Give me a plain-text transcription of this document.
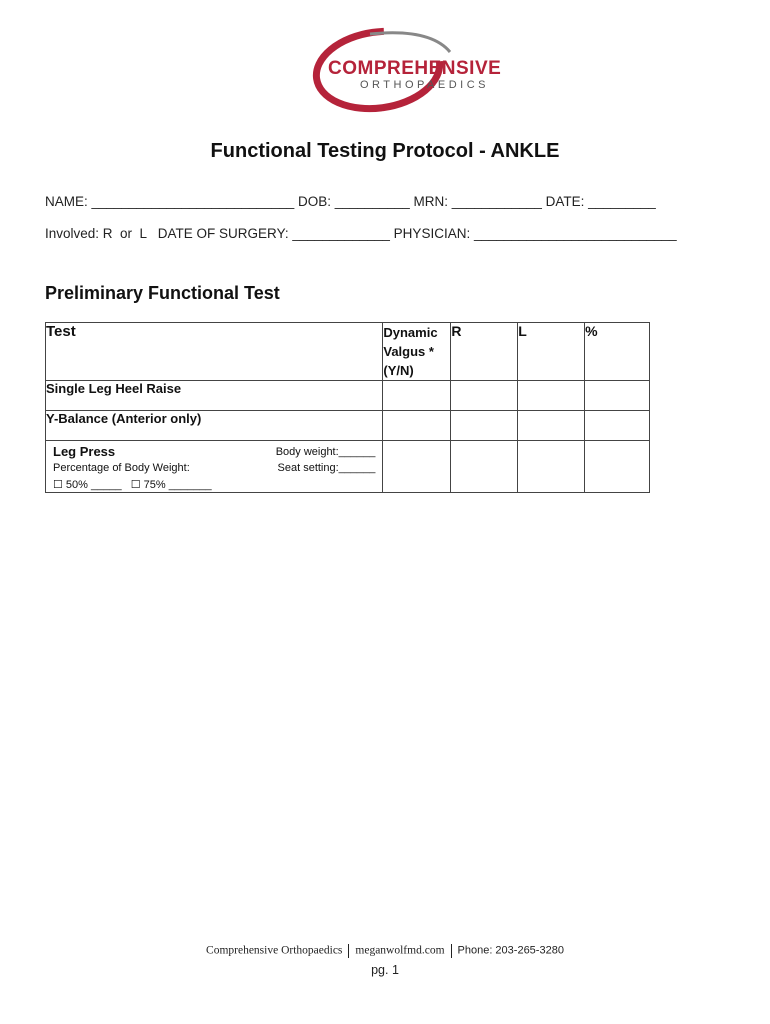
COMPREHENSIVE
ORTHOPAEDICS
Functional Testing Protocol - ANKLE
NAME: ___________________________ DOB: __________ MRN: ____________ DATE: _________
Involved: R  or  L   DATE OF SURGERY: _____________ PHYSICIAN: ___________________________
Preliminary Functional Test
Test	Dynamic
Valgus *
(Y/N)	R	L	%
Single Leg Heel Raise				
Y-Balance (Anterior only)				

Leg Press
Percentage of Body Weight:
☐ 50% _____   ☐ 75% _______
Body weight:______
Seat setting:______				

Comprehensive Orthopaedics meganwolfmd.com Phone: 203-265-3280
pg. 1
